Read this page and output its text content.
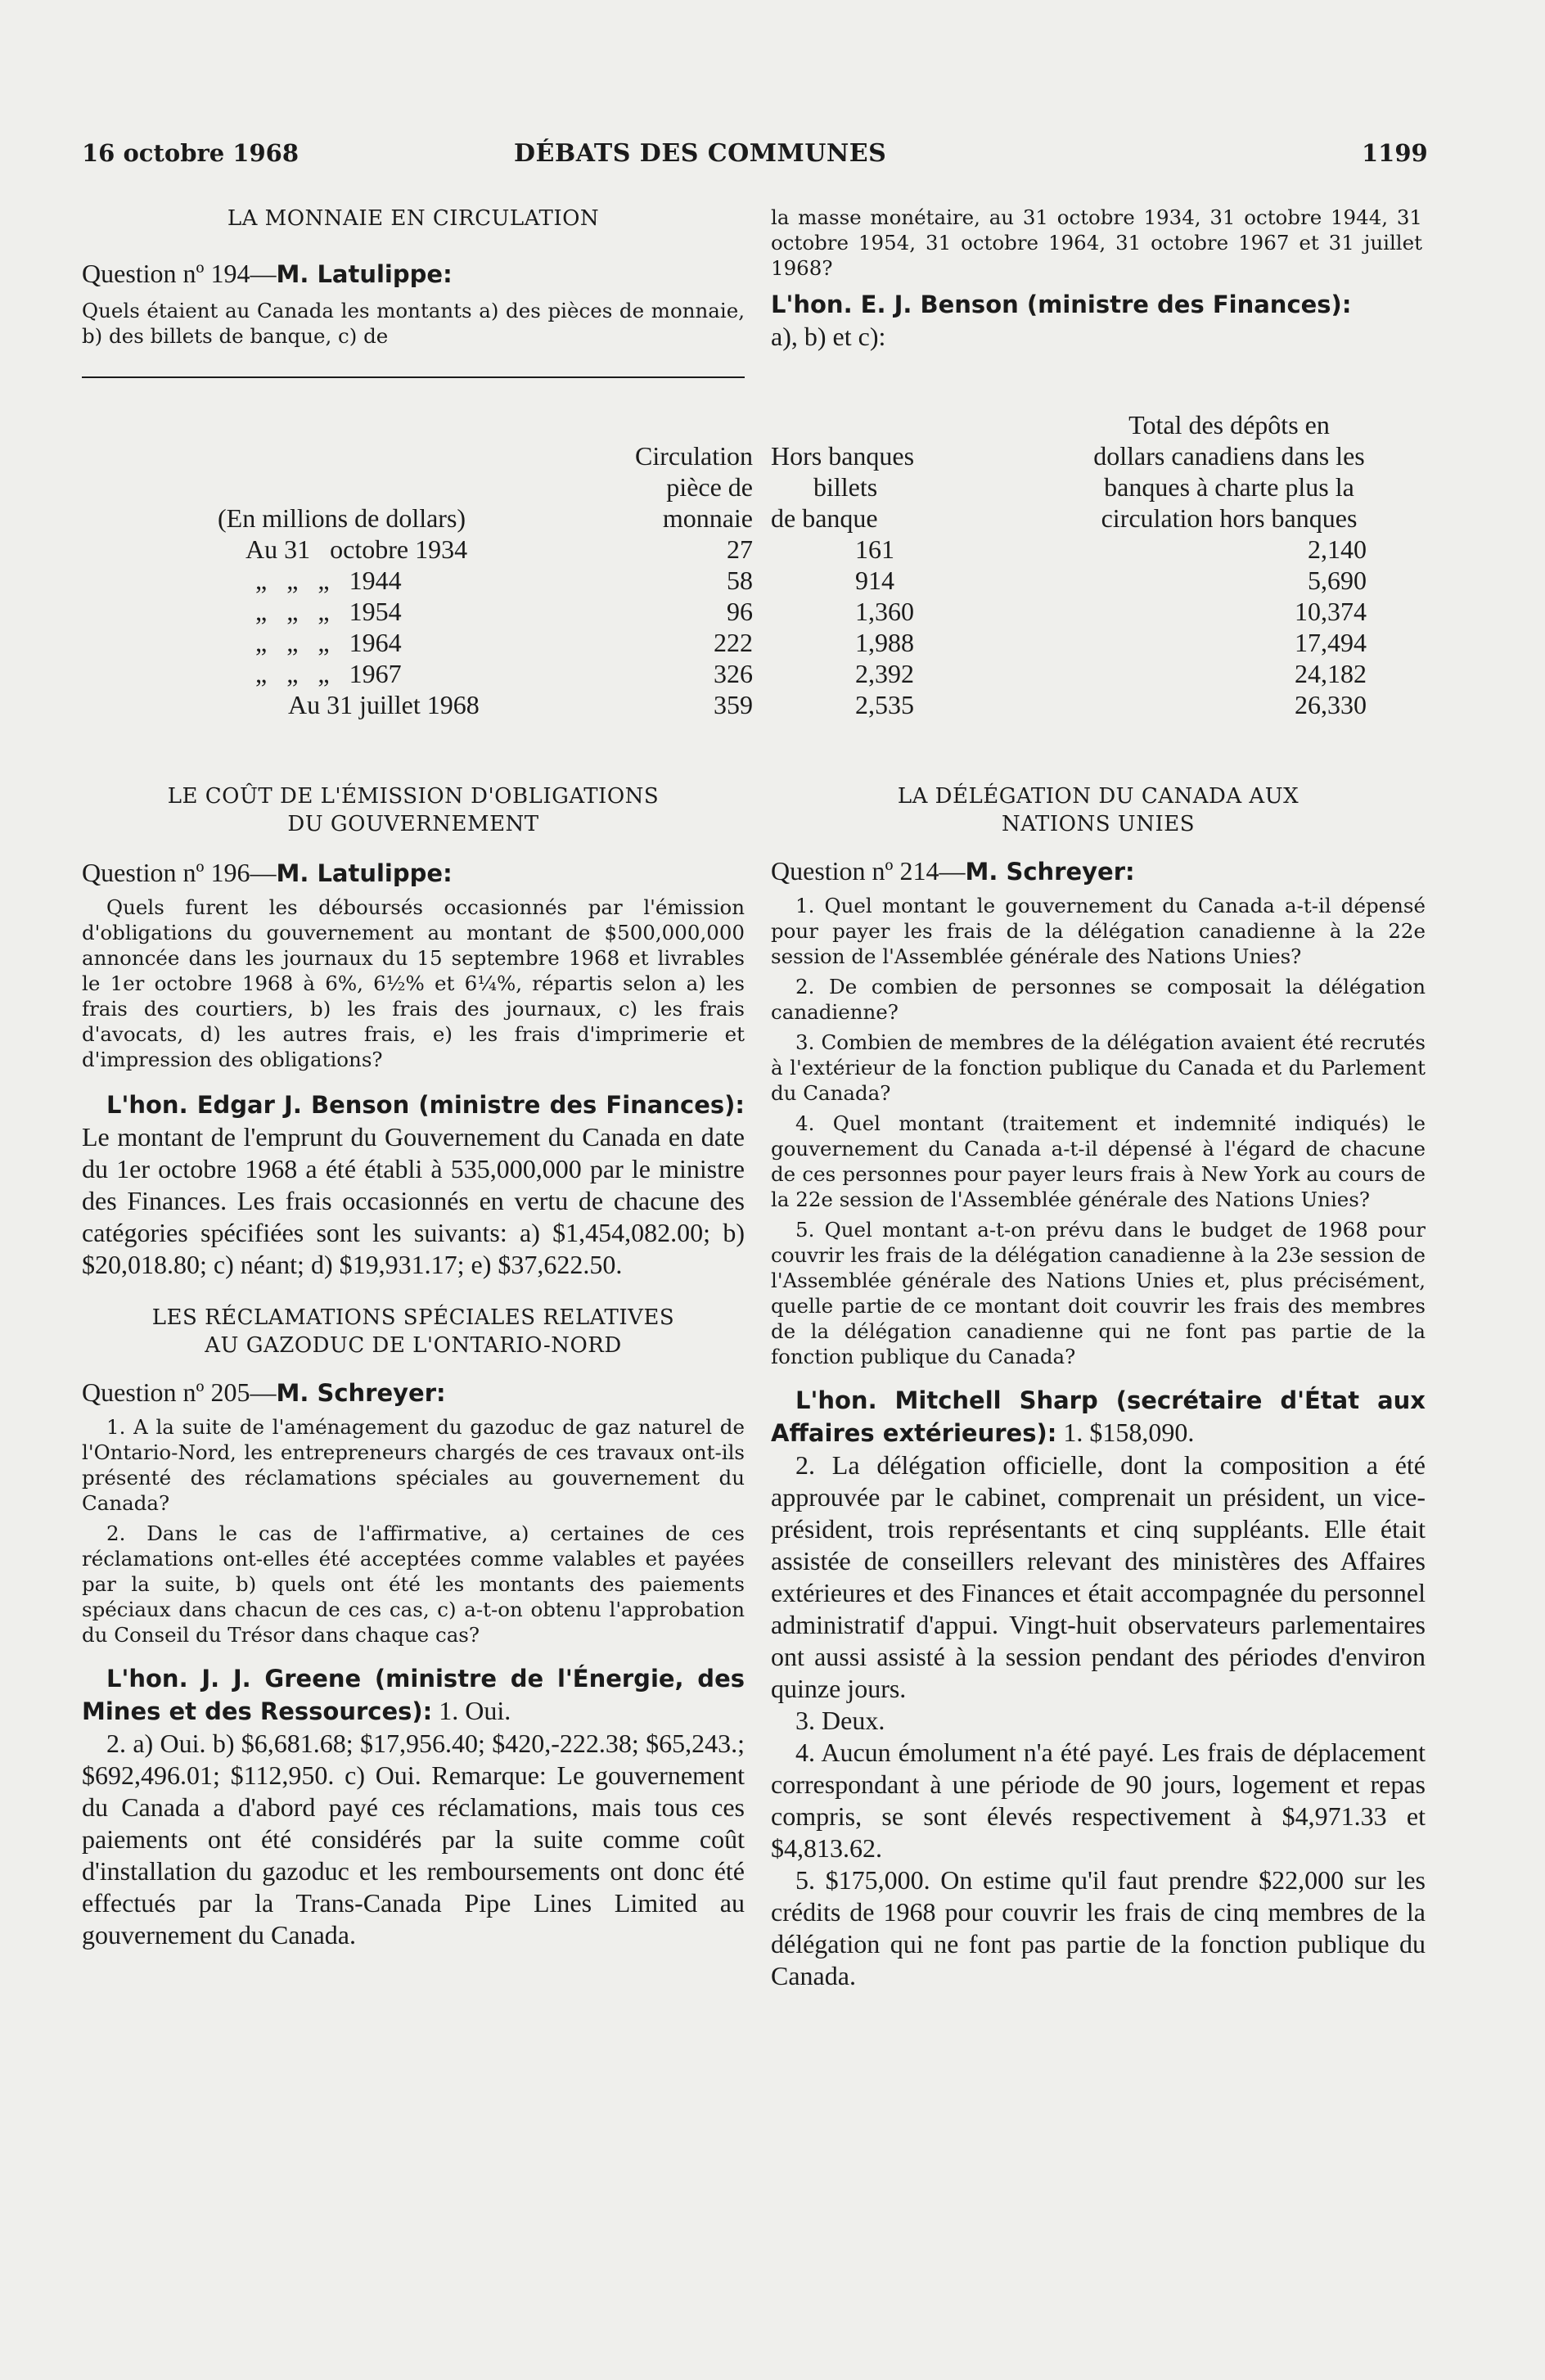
16 octobre 1968	DÉBATS DES COMMUNES	1199
LA MONNAIE EN CIRCULATION
Question nº 194—M. Latulippe:

Quels étaient au Canada les montants a) des pièces de monnaie, b) des billets de banque, c) de

la masse monétaire, au 31 octobre 1934, 31 octobre 1944, 31 octobre 1954, 31 octobre 1964, 31 octobre 1967 et 31 juillet 1968?

L'hon. E. J. Benson (ministre des Finances):
a), b) et c):
Circulation
pièce de
monnaie
Hors banques
billets
de banque
Total des dépôts en
dollars canadiens dans les
banques à charte plus la
circulation hors banques
(En millions de dollars)
Au 31   octobre 1934	27	161	2,140
„   „   „   1944	58	914	5,690
„   „   „   1954	96	1,360	10,374
„   „   „   1964	222	1,988	17,494
„   „   „   1967	326	2,392	24,182
Au 31 juillet 1968	359	2,535	26,330
LE COÛT DE L'ÉMISSION D'OBLIGATIONS
DU GOUVERNEMENT
Question nº 196—M. Latulippe:

Quels furent les déboursés occasionnés par l'émission d'obligations du gouvernement au montant de $500,000,000 annoncée dans les journaux du 15 septembre 1968 et livrables le 1er octobre 1968 à 6%, 6½% et 6¼%, répartis selon a) les frais des courtiers, b) les frais des journaux, c) les frais d'avocats, d) les autres frais, e) les frais d'imprimerie et d'impression des obligations?

L'hon. Edgar J. Benson (ministre des Finances): Le montant de l'emprunt du Gouvernement du Canada en date du 1er octobre 1968 a été établi à 535,000,000 par le ministre des Finances. Les frais occasionnés en vertu de chacune des catégories spécifiées sont les suivants: a) $1,454,082.00; b) $20,018.80; c) néant; d) $19,931.17; e) $37,622.50.

LES RÉCLAMATIONS SPÉCIALES RELATIVES
AU GAZODUC DE L'ONTARIO-NORD
Question nº 205—M. Schreyer:

1. A la suite de l'aménagement du gazoduc de gaz naturel de l'Ontario-Nord, les entrepreneurs chargés de ces travaux ont-ils présenté des réclamations spéciales au gouvernement du Canada?

2. Dans le cas de l'affirmative, a) certaines de ces réclamations ont-elles été acceptées comme valables et payées par la suite, b) quels ont été les montants des paiements spéciaux dans chacun de ces cas, c) a-t-on obtenu l'approbation du Conseil du Trésor dans chaque cas?

L'hon. J. J. Greene (ministre de l'Énergie, des Mines et des Ressources): 1. Oui.

2. a) Oui. b) $6,681.68; $17,956.40; $420,-222.38; $65,243.; $692,496.01; $112,950. c) Oui. Remarque: Le gouvernement du Canada a d'abord payé ces réclamations, mais tous ces paiements ont été considérés par la suite comme coût d'installation du gazoduc et les remboursements ont donc été effectués par la Trans-Canada Pipe Lines Limited au gouvernement du Canada.

LA DÉLÉGATION DU CANADA AUX
NATIONS UNIES
Question nº 214—M. Schreyer:

1. Quel montant le gouvernement du Canada a-t-il dépensé pour payer les frais de la délégation canadienne à la 22e session de l'Assemblée générale des Nations Unies?

2. De combien de personnes se composait la délégation canadienne?

3. Combien de membres de la délégation avaient été recrutés à l'extérieur de la fonction publique du Canada et du Parlement du Canada?

4. Quel montant (traitement et indemnité indiqués) le gouvernement du Canada a-t-il dépensé à l'égard de chacune de ces personnes pour payer leurs frais à New York au cours de la 22e session de l'Assemblée générale des Nations Unies?

5. Quel montant a-t-on prévu dans le budget de 1968 pour couvrir les frais de la délégation canadienne à la 23e session de l'Assemblée générale des Nations Unies et, plus précisément, quelle partie de ce montant doit couvrir les frais des membres de la délégation canadienne qui ne font pas partie de la fonction publique du Canada?

L'hon. Mitchell Sharp (secrétaire d'État aux Affaires extérieures): 1. $158,090.

2. La délégation officielle, dont la composition a été approuvée par le cabinet, comprenait un président, un vice-président, trois représentants et cinq suppléants. Elle était assistée de conseillers relevant des ministères des Affaires extérieures et des Finances et était accompagnée du personnel administratif d'appui. Vingt-huit observateurs parlementaires ont aussi assisté à la session pendant des périodes d'environ quinze jours.

3. Deux.

4. Aucun émolument n'a été payé. Les frais de déplacement correspondant à une période de 90 jours, logement et repas compris, se sont élevés respectivement à $4,971.33 et $4,813.62.

5. $175,000. On estime qu'il faut prendre $22,000 sur les crédits de 1968 pour couvrir les frais de cinq membres de la délégation qui ne font pas partie de la fonction publique du Canada.
